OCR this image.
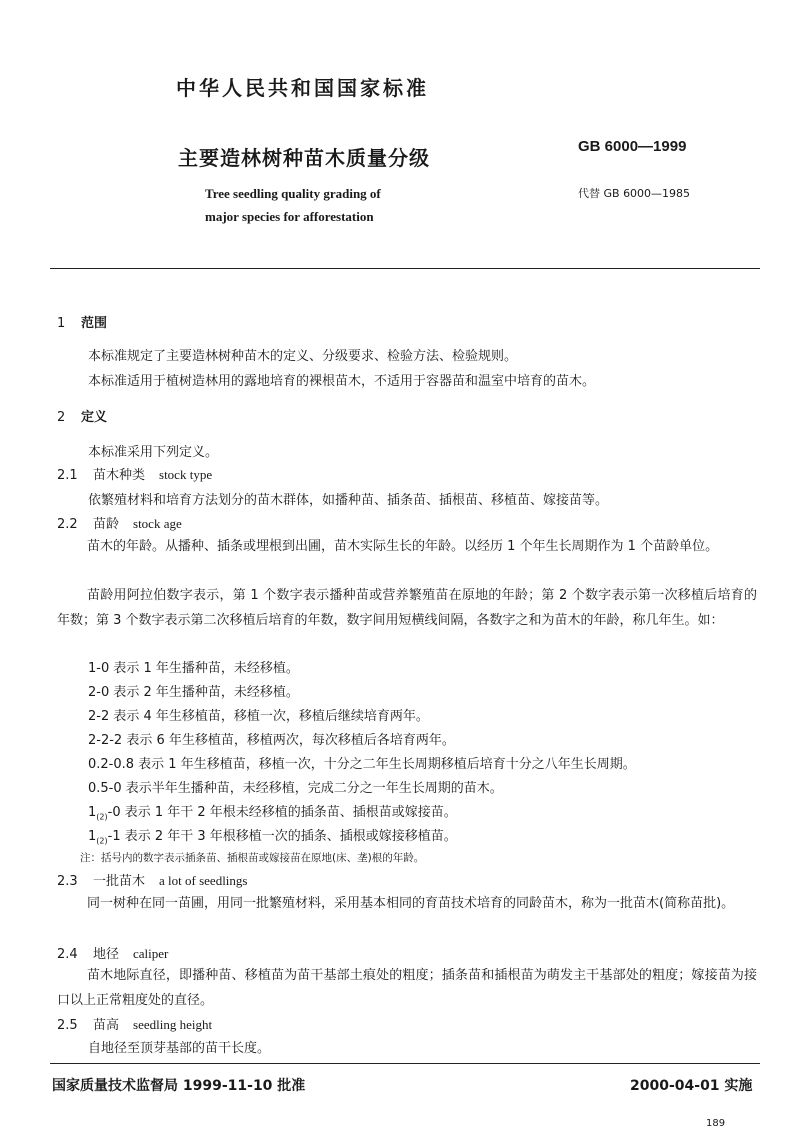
中华人民共和国国家标准
主要造林树种苗木质量分级	GB 6000—1999
Tree seedling quality grading of
major species for afforestation
代替 GB 6000—1985
1 范围
本标准规定了主要造林树种苗木的定义、分级要求、检验方法、检验规则。
本标准适用于植树造林用的露地培育的裸根苗木，不适用于容器苗和温室中培育的苗木。
2 定义
本标准采用下列定义。
2.1 苗木种类 stock type
依繁殖材料和培育方法划分的苗木群体，如播种苗、插条苗、插根苗、移植苗、嫁接苗等。
2.2 苗龄 stock age
苗木的年龄。从播种、插条或埋根到出圃，苗木实际生长的年龄。以经历 1 个年生长周期作为 1 个苗龄单位。
苗龄用阿拉伯数字表示，第 1 个数字表示播种苗或营养繁殖苗在原地的年龄；第 2 个数字表示第一次移植后培育的年数；第 3 个数字表示第二次移植后培育的年数，数字间用短横线间隔，各数字之和为苗木的年龄，称几年生。如：
1-0 表示 1 年生播种苗，未经移植。
2-0 表示 2 年生播种苗，未经移植。
2-2 表示 4 年生移植苗，移植一次，移植后继续培育两年。
2-2-2 表示 6 年生移植苗，移植两次，每次移植后各培育两年。
0.2-0.8 表示 1 年生移植苗，移植一次，十分之二年生长周期移植后培育十分之八年生长周期。
0.5-0 表示半年生播种苗，未经移植，完成二分之一年生长周期的苗木。
$1_{(2)}-0$ 表示 1 年干 2 年根未经移植的插条苗、插根苗或嫁接苗。
$1_{(2)}-1$ 表示 2 年干 3 年根移植一次的插条、插根或嫁接移植苗。
注：括号内的数字表示插条苗、插根苗或嫁接苗在原地(床、垄)根的年龄。
2.3 一批苗木 a lot of seedlings
同一树种在同一苗圃，用同一批繁殖材料，采用基本相同的育苗技术培育的同龄苗木，称为一批苗木(简称苗批)。
2.4 地径 caliper
苗木地际直径，即播种苗、移植苗为苗干基部土痕处的粗度；插条苗和插根苗为萌发主干基部处的粗度；嫁接苗为接口以上正常粗度处的直径。
2.5 苗高 seedling height
自地径至顶芽基部的苗干长度。
国家质量技术监督局 1999-11-10 批准	2000-04-01 实施
189
